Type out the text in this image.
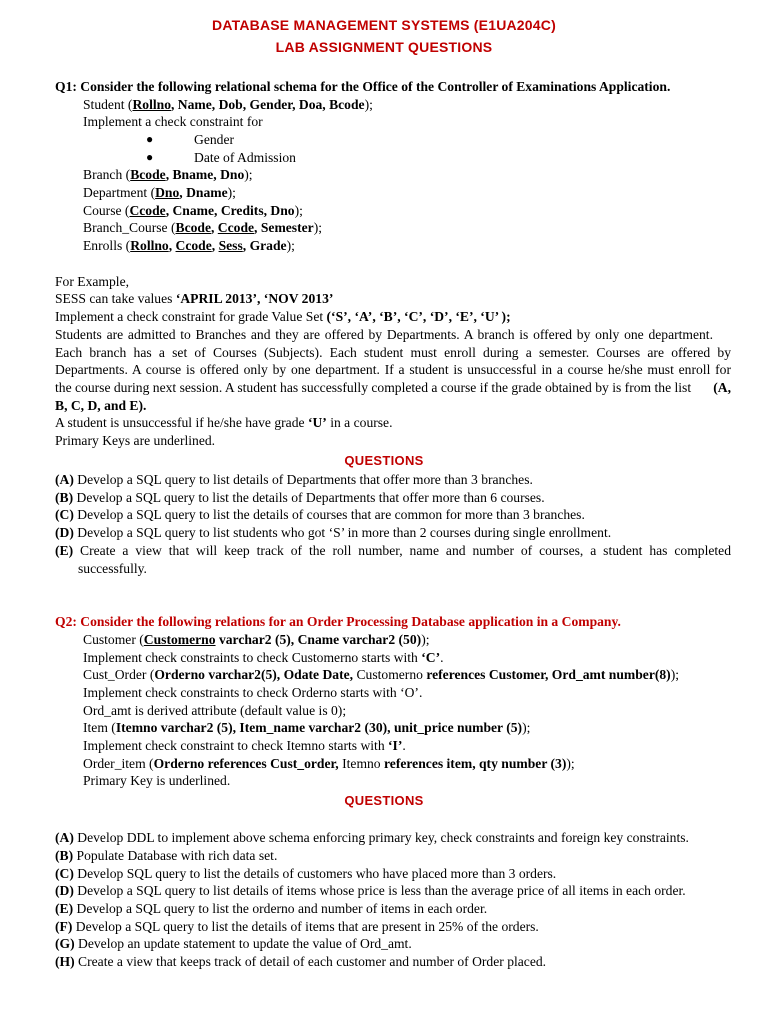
DATABASE MANAGEMENT SYSTEMS (E1UA204C)
LAB ASSIGNMENT QUESTIONS
Q1: Consider the following relational schema for the Office of the Controller of Examinations Application.
Student (Rollno, Name, Dob, Gender, Doa, Bcode);
Implement a check constraint for
●	Gender
●	Date of Admission
Branch (Bcode, Bname, Dno);
Department (Dno, Dname);
Course (Ccode, Cname, Credits, Dno);
Branch_Course (Bcode, Ccode, Semester);
Enrolls (Rollno, Ccode, Sess, Grade);
For Example,
SESS can take values ‘APRIL 2013’, ‘NOV 2013’
Implement a check constraint for grade Value Set (‘S’, ‘A’, ‘B’, ‘C’, ‘D’, ‘E’, ‘U’ );
Students are admitted to Branches and they are offered by Departments. A branch is offered by only one department.
Each branch has a set of Courses (Subjects). Each student must enroll during a semester. Courses are offered by
Departments. A course is offered only by one department. If a student is unsuccessful in a course he/she must enroll for
the course during next session. A student has successfully completed a course if the grade obtained by is from the list (A,
B, C, D, and E).
A student is unsuccessful if he/she have grade ‘U’ in a course.
Primary Keys are underlined.
QUESTIONS
(A) Develop a SQL query to list details of Departments that offer more than 3 branches.
(B) Develop a SQL query to list the details of Departments that offer more than 6 courses.
(C) Develop a SQL query to list the details of courses that are common for more than 3 branches.
(D) Develop a SQL query to list students who got ‘S’ in more than 2 courses during single enrollment.
(E) Create a view that will keep track of the roll number, name and number of courses, a student has completed
successfully.
Q2: Consider the following relations for an Order Processing Database application in a Company.
Customer (Customerno varchar2 (5), Cname varchar2 (50));
Implement check constraints to check Customerno starts with ‘C’.
Cust_Order (Orderno varchar2(5), Odate Date, Customerno references Customer, Ord_amt number(8));
Implement check constraints to check Orderno starts with ‘O’.
Ord_amt is derived attribute (default value is 0);
Item (Itemno varchar2 (5), Item_name varchar2 (30), unit_price number (5));
Implement check constraint to check Itemno starts with ‘I’.
Order_item (Orderno references Cust_order, Itemno references item, qty number (3));
Primary Key is underlined.
QUESTIONS
(A) Develop DDL to implement above schema enforcing primary key, check constraints and foreign key constraints.
(B) Populate Database with rich data set.
(C) Develop SQL query to list the details of customers who have placed more than 3 orders.
(D) Develop a SQL query to list details of items whose price is less than the average price of all items in each order.
(E) Develop a SQL query to list the orderno and number of items in each order.
(F) Develop a SQL query to list the details of items that are present in 25% of the orders.
(G) Develop an update statement to update the value of Ord_amt.
(H) Create a view that keeps track of detail of each customer and number of Order placed.
